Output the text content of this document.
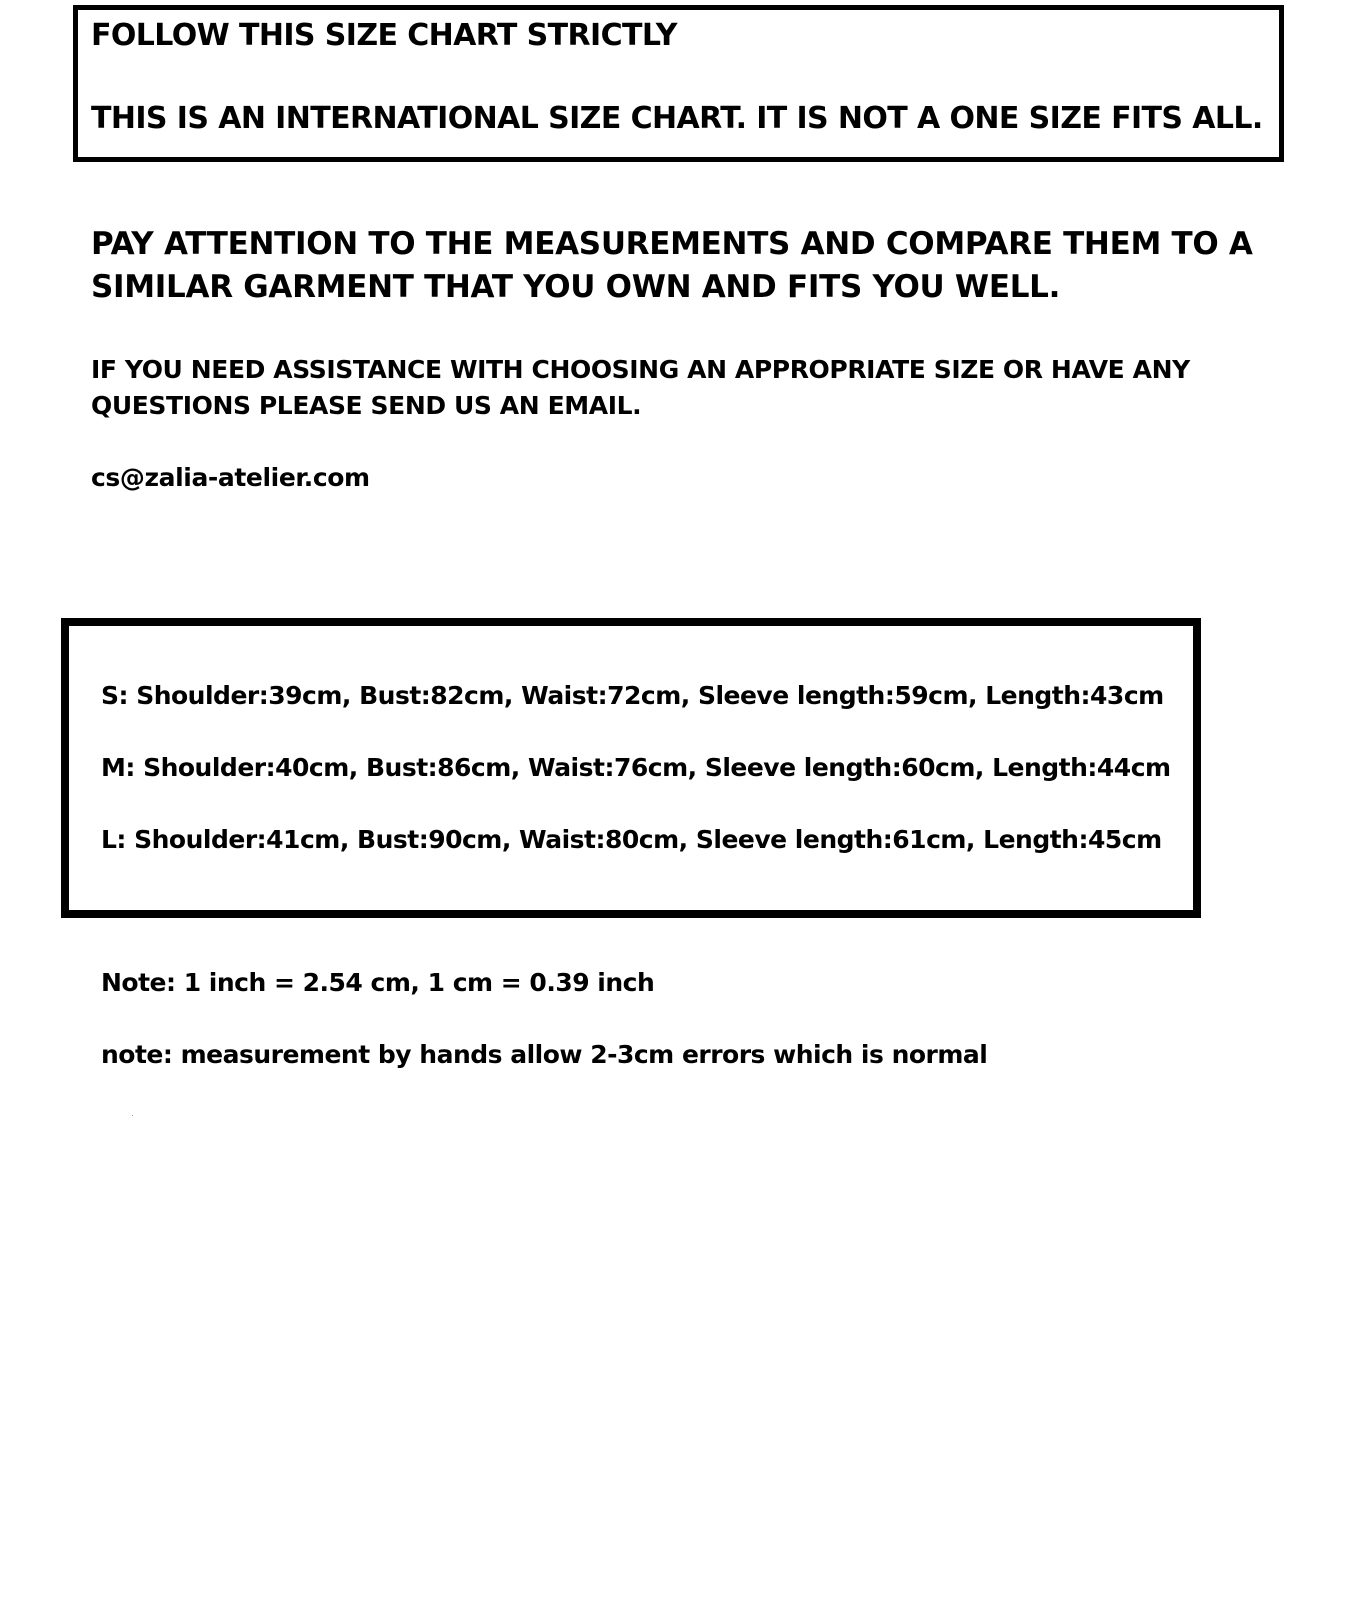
FOLLOW THIS SIZE CHART STRICTLY
THIS IS AN INTERNATIONAL SIZE CHART. IT IS NOT A ONE SIZE FITS ALL.
PAY ATTENTION TO THE MEASUREMENTS AND COMPARE THEM TO A
SIMILAR GARMENT THAT YOU OWN AND FITS YOU WELL.
IF YOU NEED ASSISTANCE WITH CHOOSING AN APPROPRIATE SIZE OR HAVE ANY
QUESTIONS PLEASE SEND US AN EMAIL.
cs@zalia-atelier.com
S: Shoulder:39cm, Bust:82cm, Waist:72cm, Sleeve length:59cm, Length:43cm
M: Shoulder:40cm, Bust:86cm, Waist:76cm, Sleeve length:60cm, Length:44cm
L: Shoulder:41cm, Bust:90cm, Waist:80cm, Sleeve length:61cm, Length:45cm
Note: 1 inch = 2.54 cm, 1 cm = 0.39 inch
note: measurement by hands allow 2-3cm errors which is normal
